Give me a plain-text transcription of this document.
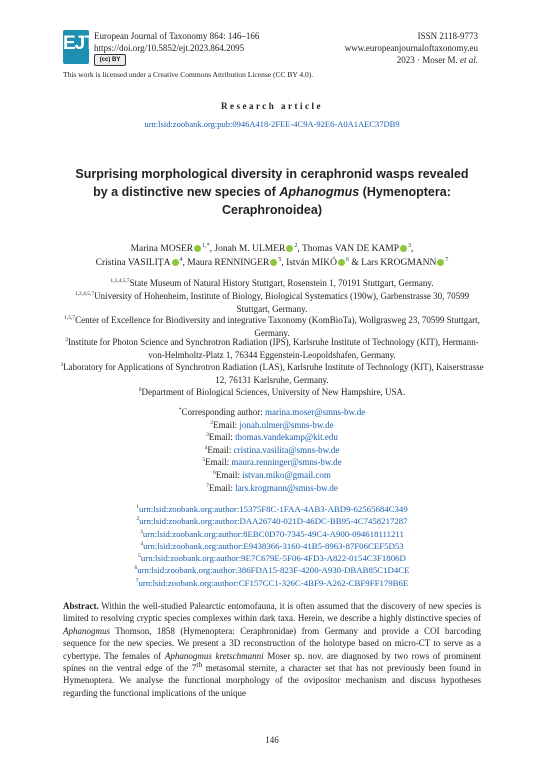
EJT European Journal of Taxonomy 864: 146–166
https://doi.org/10.5852/ejt.2023.864.2095
(cc) BY
ISSN 2118-9773
www.europeanjournaloftaxonomy.eu
2023 · Moser M. et al.
This work is licensed under a Creative Commons Attribution License (CC BY 4.0).
Research article
urn:lsid:zoobank.org:pub:0946A418-2FEE-4C9A-92E6-A0A1AEC37DB9
Surprising morphological diversity in ceraphronid wasps revealed by a distinctive new species of Aphanogmus (Hymenoptera: Ceraphronoidea)
Marina MOSER $^{1,*}$, Jonah M. ULMER $^2$, Thomas VAN DE KAMP $^3$,
Cristina VASILIȚA $^4$, Maura RENNINGER $^5$, István MIKÓ $^6$ & Lars KROGMANN $^7$
$^{1,2,4,5,7}$State Museum of Natural History Stuttgart, Rosenstein 1, 70191 Stuttgart, Germany.
$^{1,2,4,5,7}$University of Hohenheim, Institute of Biology, Biological Systematics (190w), Garbenstrasse 30, 70599 Stuttgart, Germany.
$^{1,5,7}$Center of Excellence for Biodiversity and integrative Taxonomy (KomBioTa), Wollgrasweg 23, 70599 Stuttgart, Germany.
$^3$Institute for Photon Science and Synchrotron Radiation (IPS), Karlsruhe Institute of Technology (KIT), Hermann-von-Helmholtz-Platz 1, 76344 Eggenstein-Leopoldshafen, Germany.
$^3$Laboratory for Applications of Synchrotron Radiation (LAS), Karlsruhe Institute of Technology (KIT), Kaiserstrasse 12, 76131 Karlsruhe, Germany.
$^6$Department of Biological Sciences, University of New Hampshire, USA.
*Corresponding author: marina.moser@smns-bw.de
$^2$Email: jonah.ulmer@smns-bw.de
$^3$Email: thomas.vandekamp@kit.edu
$^4$Email: cristina.vasilita@smns-bw.de
$^5$Email: maura.renninger@smns-bw.de
$^6$Email: istvan.miko@gmail.com
$^7$Email: lars.krogmann@smns-bw.de
$^1$urn:lsid:zoobank.org:author:15375F8C-1FAA-4AB3-ABD9-62565684C349
$^2$urn:lsid:zoobank.org:author:DAA26740-021D-46DC-BB95-4C7458217287
$^3$urn:lsid:zoobank.org:author:8EBC0D70-7345-49C4-A900-094618111211
$^4$urn:lsid:zoobank.org:author:E9438366-3160-41B5-8963-87F06CEF5D53
$^5$urn:lsid:zoobank.org:author:9E7C679E-5F06-4FD3-A822-0154C3F1806D
$^6$urn:lsid:zoobank.org:author:386FDA15-823F-4200-A930-DBAB85C1D4CE
$^7$urn:lsid:zoobank.org:author:CF157CC1-326C-4BF9-A262-CBF9FF179B6E
Abstract. Within the well-studied Palearctic entomofauna, it is often assumed that the discovery of new species is limited to resolving cryptic species complexes within dark taxa. Herein, we describe a highly distinctive species of Aphanogmus Thomson, 1858 (Hymenoptera: Ceraphronidae) from Germany and provide a COI barcoding sequence for the new species. We present a 3D reconstruction of the holotype based on micro-CT to serve as a cybertype. The females of Aphanogmus kretschmanni Moser sp. nov. are diagnosed by two rows of prominent spines on the ventral edge of the 7th metasomal sternite, a character set that has not previously been found in Hymenoptera. We analyse the functional morphology of the ovipositor mechanism and discuss hypotheses regarding the functional implications of the unique
146
